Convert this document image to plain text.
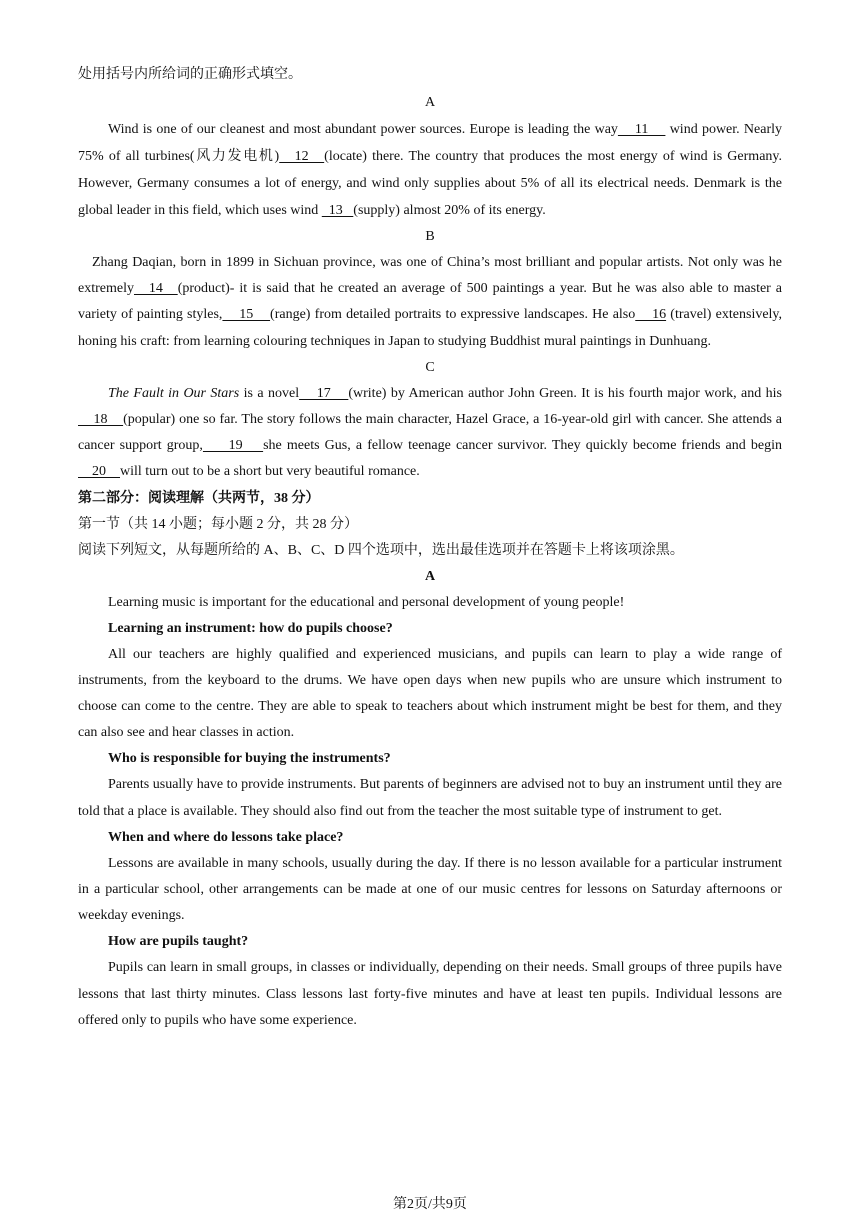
处用括号内所给词的正确形式填空。

A

Wind is one of our cleanest and most abundant power sources. Europe is leading the way    11     wind power. Nearly 75% of all turbines(风力发电机)   12   (locate) there. The country that produces the most energy of wind is Germany. However, Germany consumes a lot of energy, and wind only supplies about 5% of all its electrical needs. Denmark is the global leader in this field, which uses wind   13   (supply) almost 20% of its energy.

B

Zhang Daqian, born in 1899 in Sichuan province, was one of China’s most brilliant and popular artists. Not only was he extremely   14   (product)- it is said that he created an average of 500 paintings a year. But he was also able to master a variety of painting styles,    15    (range) from detailed portraits to expressive landscapes. He also    16 (travel) extensively, honing his craft: from learning colouring techniques in Japan to studying Buddhist mural paintings in Dunhuang.

C

The Fault in Our Stars is a novel    17    (write) by American author John Green. It is his fourth major work, and his    18    (popular) one so far. The story follows the main character, Hazel Grace, a 16-year-old girl with cancer. She attends a cancer support group,     19    she meets Gus, a fellow teenage cancer survivor. They quickly become friends and begin    20    will turn out to be a short but very beautiful romance.

第二部分：阅读理解（共两节，38 分）

第一节（共 14 小题；每小题 2 分，共 28 分）

阅读下列短文，从每题所给的 A、B、C、D 四个选项中，选出最佳选项并在答题卡上将该项涂黑。

A

Learning music is important for the educational and personal development of young people!

Learning an instrument: how do pupils choose?

All our teachers are highly qualified and experienced musicians, and pupils can learn to play a wide range of instruments, from the keyboard to the drums. We have open days when new pupils who are unsure which instrument to choose can come to the centre. They are able to speak to teachers about which instrument might be best for them, and they can also see and hear classes in action.

Who is responsible for buying the instruments?

Parents usually have to provide instruments. But parents of beginners are advised not to buy an instrument until they are told that a place is available. They should also find out from the teacher the most suitable type of instrument to get.

When and where do lessons take place?

Lessons are available in many schools, usually during the day. If there is no lesson available for a particular instrument in a particular school, other arrangements can be made at one of our music centres for lessons on Saturday afternoons or weekday evenings.

How are pupils taught?

Pupils can learn in small groups, in classes or individually, depending on their needs. Small groups of three pupils have lessons that last thirty minutes. Class lessons last forty-five minutes and have at least ten pupils. Individual lessons are offered only to pupils who have some experience.

第2页/共9页
